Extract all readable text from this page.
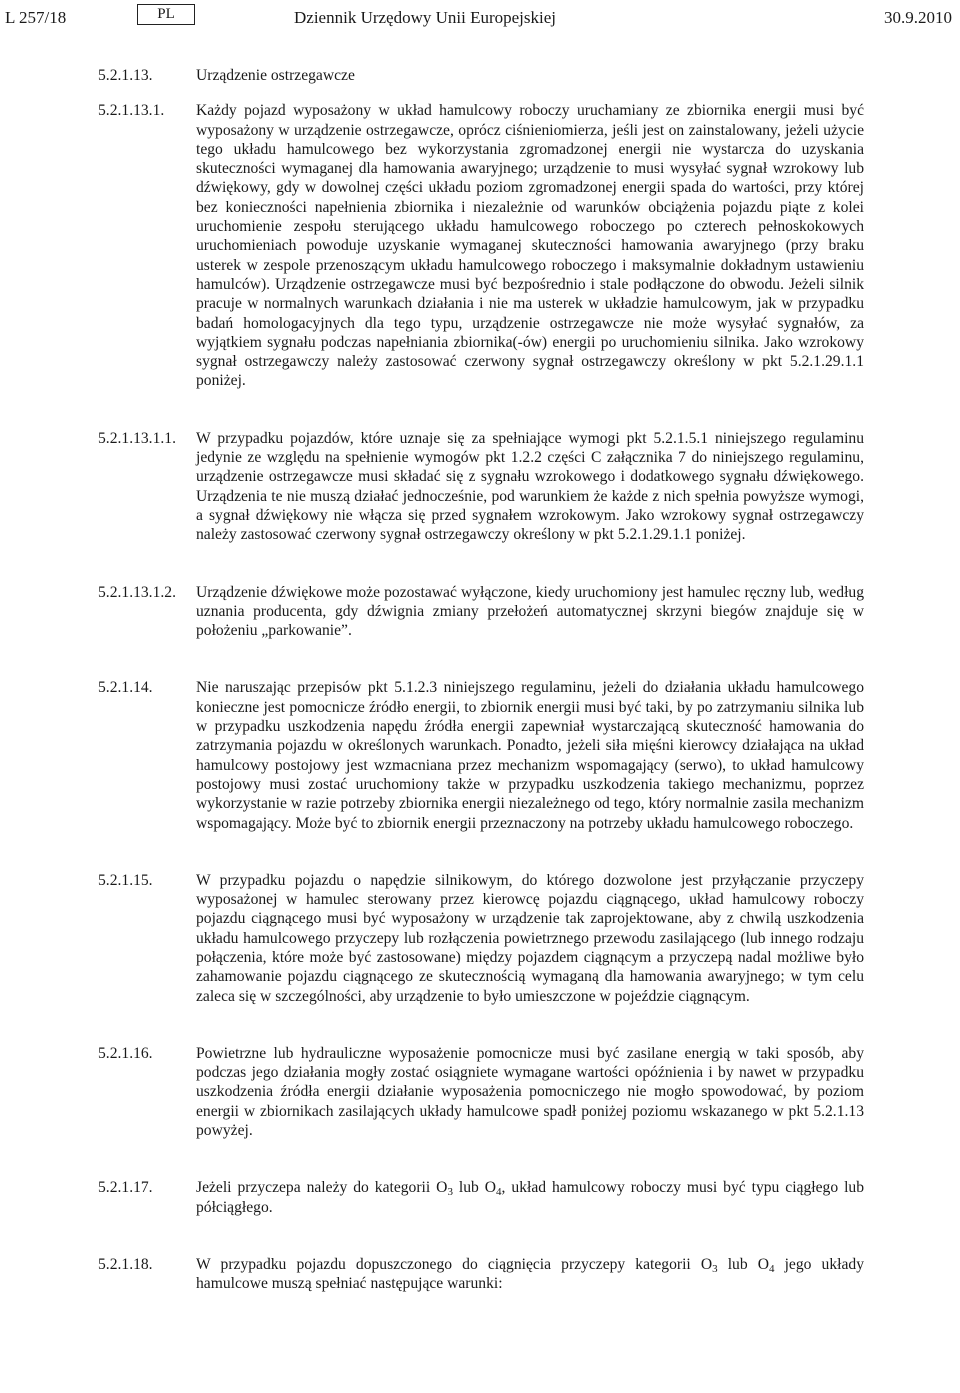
L 257/18	PL	Dziennik Urzędowy Unii Europejskiej	30.9.2010
5.2.1.13.	Urządzenie ostrzegawcze
5.2.1.13.1.	Każdy pojazd wyposażony w układ hamulcowy roboczy uruchamiany ze zbiornika energii musi być wyposażony w urządzenie ostrzegawcze, oprócz ciśnieniomierza, jeśli jest on zainstalowany, jeżeli użycie tego układu hamulcowego bez wykorzystania zgromadzonej energii nie wystarcza do uzyskania skuteczności wymaganej dla hamowania awaryjnego; urządzenie to musi wysyłać sygnał wzrokowy lub dźwiękowy, gdy w dowolnej części układu poziom zgromadzonej energii spada do wartości, przy której bez konieczności napełnienia zbiornika i niezależnie od warunków obciążenia pojazdu piąte z kolei uruchomienie zespołu sterującego układu hamulcowego roboczego po czterech pełnoskokowych uruchomieniach powoduje uzyskanie wymaganej skuteczności hamowania awaryjnego (przy braku usterek w zespole przenoszącym układu hamulcowego roboczego i maksymalnie dokładnym ustawieniu hamulców). Urządzenie ostrzegawcze musi być bezpośrednio i stale podłączone do obwodu. Jeżeli silnik pracuje w normalnych warunkach działania i nie ma usterek w układzie hamulcowym, jak w przypadku badań homologacyjnych dla tego typu, urządzenie ostrzegawcze nie może wysyłać sygnałów, za wyjątkiem sygnału podczas napełniania zbiornika(-ów) energii po uruchomieniu silnika. Jako wzrokowy sygnał ostrzegawczy należy zastosować czerwony sygnał ostrzegawczy określony w pkt 5.2.1.29.1.1 poniżej.
5.2.1.13.1.1.	W przypadku pojazdów, które uznaje się za spełniające wymogi pkt 5.2.1.5.1 niniejszego regulaminu jedynie ze względu na spełnienie wymogów pkt 1.2.2 części C załącznika 7 do niniejszego regulaminu, urządzenie ostrzegawcze musi składać się z sygnału wzrokowego i dodatkowego sygnału dźwiękowego. Urządzenia te nie muszą działać jednocześnie, pod warunkiem że każde z nich spełnia powyższe wymogi, a sygnał dźwiękowy nie włącza się przed sygnałem wzrokowym. Jako wzrokowy sygnał ostrzegawczy należy zastosować czerwony sygnał ostrzegawczy określony w pkt 5.2.1.29.1.1 poniżej.
5.2.1.13.1.2.	Urządzenie dźwiękowe może pozostawać wyłączone, kiedy uruchomiony jest hamulec ręczny lub, według uznania producenta, gdy dźwignia zmiany przełożeń automatycznej skrzyni biegów znajduje się w położeniu „parkowanie”.
5.2.1.14.	Nie naruszając przepisów pkt 5.1.2.3 niniejszego regulaminu, jeżeli do działania układu hamulcowego konieczne jest pomocnicze źródło energii, to zbiornik energii musi być taki, by po zatrzymaniu silnika lub w przypadku uszkodzenia napędu źródła energii zapewniał wystarczającą skuteczność hamowania do zatrzymania pojazdu w określonych warunkach. Ponadto, jeżeli siła mięśni kierowcy działająca na układ hamulcowy postojowy jest wzmacniana przez mechanizm wspomagający (serwo), to układ hamulcowy postojowy musi zostać uruchomiony także w przypadku uszkodzenia takiego mechanizmu, poprzez wykorzystanie w razie potrzeby zbiornika energii niezależnego od tego, który normalnie zasila mechanizm wspomagający. Może być to zbiornik energii przeznaczony na potrzeby układu hamulcowego roboczego.
5.2.1.15.	W przypadku pojazdu o napędzie silnikowym, do którego dozwolone jest przyłączanie przyczepy wyposażonej w hamulec sterowany przez kierowcę pojazdu ciągnącego, układ hamulcowy roboczy pojazdu ciągnącego musi być wyposażony w urządzenie tak zaprojektowane, aby z chwilą uszkodzenia układu hamulcowego przyczepy lub rozłączenia powietrznego przewodu zasilającego (lub innego rodzaju połączenia, które może być zastosowane) między pojazdem ciągnącym a przyczepą nadal możliwe było zahamowanie pojazdu ciągnącego ze skutecznością wymaganą dla hamowania awaryjnego; w tym celu zaleca się w szczególności, aby urządzenie to było umieszczone w pojeździe ciągnącym.
5.2.1.16.	Powietrzne lub hydrauliczne wyposażenie pomocnicze musi być zasilane energią w taki sposób, aby podczas jego działania mogły zostać osiągniete wymagane wartości opóźnienia i by nawet w przypadku uszkodzenia źródła energii działanie wyposażenia pomocniczego nie mogło spowodować, by poziom energii w zbiornikach zasilających układy hamulcowe spadł poniżej poziomu wskazanego w pkt 5.2.1.13 powyżej.
5.2.1.17.	Jeżeli przyczepa należy do kategorii $O_3$ lub $O_4$, układ hamulcowy roboczy musi być typu ciągłego lub półciągłego.
5.2.1.18.	W przypadku pojazdu dopuszczonego do ciągnięcia przyczepy kategorii $O_3$ lub $O_4$ jego układy hamulcowe muszą spełniać następujące warunki:
